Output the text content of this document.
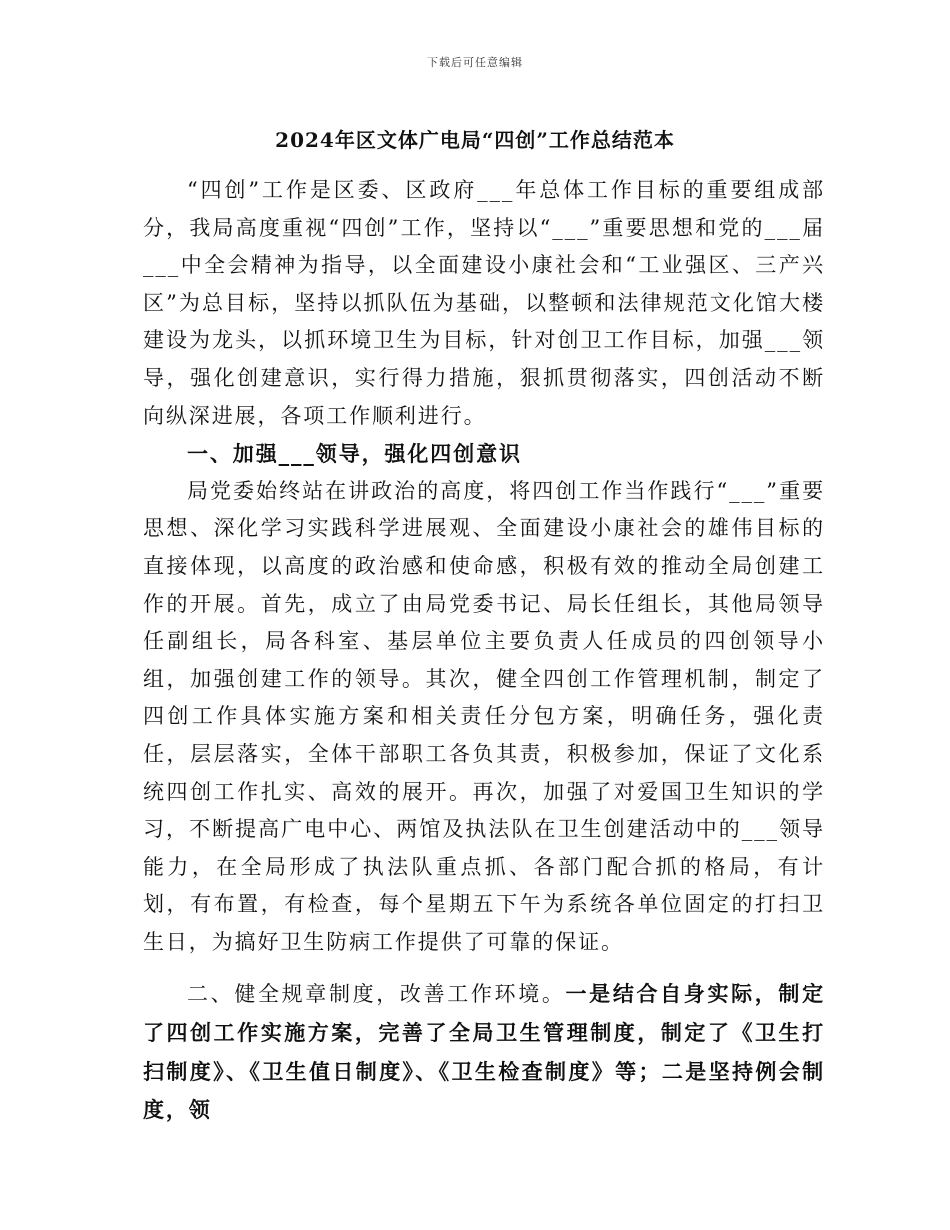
下载后可任意编辑
2024年区文体广电局“四创”工作总结范本

“四创”工作是区委、区政府___年总体工作目标的重要组成部分，我局高度重视“四创”工作，坚持以“___”重要思想和党的___届___中全会精神为指导，以全面建设小康社会和“工业强区、三产兴区”为总目标，坚持以抓队伍为基础，以整顿和法律规范文化馆大楼建设为龙头，以抓环境卫生为目标，针对创卫工作目标，加强___领导，强化创建意识，实行得力措施，狠抓贯彻落实，四创活动不断向纵深进展，各项工作顺利进行。

一、加强___领导，强化四创意识

局党委始终站在讲政治的高度，将四创工作当作践行“___”重要思想、深化学习实践科学进展观、全面建设小康社会的雄伟目标的直接体现，以高度的政治感和使命感，积极有效的推动全局创建工作的开展。首先，成立了由局党委书记、局长任组长，其他局领导任副组长，局各科室、基层单位主要负责人任成员的四创领导小组，加强创建工作的领导。其次，健全四创工作管理机制，制定了四创工作具体实施方案和相关责任分包方案，明确任务，强化责任，层层落实，全体干部职工各负其责，积极参加，保证了文化系统四创工作扎实、高效的展开。再次，加强了对爱国卫生知识的学习，不断提高广电中心、两馆及执法队在卫生创建活动中的___领导能力，在全局形成了执法队重点抓、各部门配合抓的格局，有计划，有布置，有检查，每个星期五下午为系统各单位固定的打扫卫生日，为搞好卫生防病工作提供了可靠的保证。

二、健全规章制度，改善工作环境。一是结合自身实际，制定了四创工作实施方案，完善了全局卫生管理制度，制定了《卫生打扫制度》、《卫生值日制度》、《卫生检查制度》等；二是坚持例会制度，领
